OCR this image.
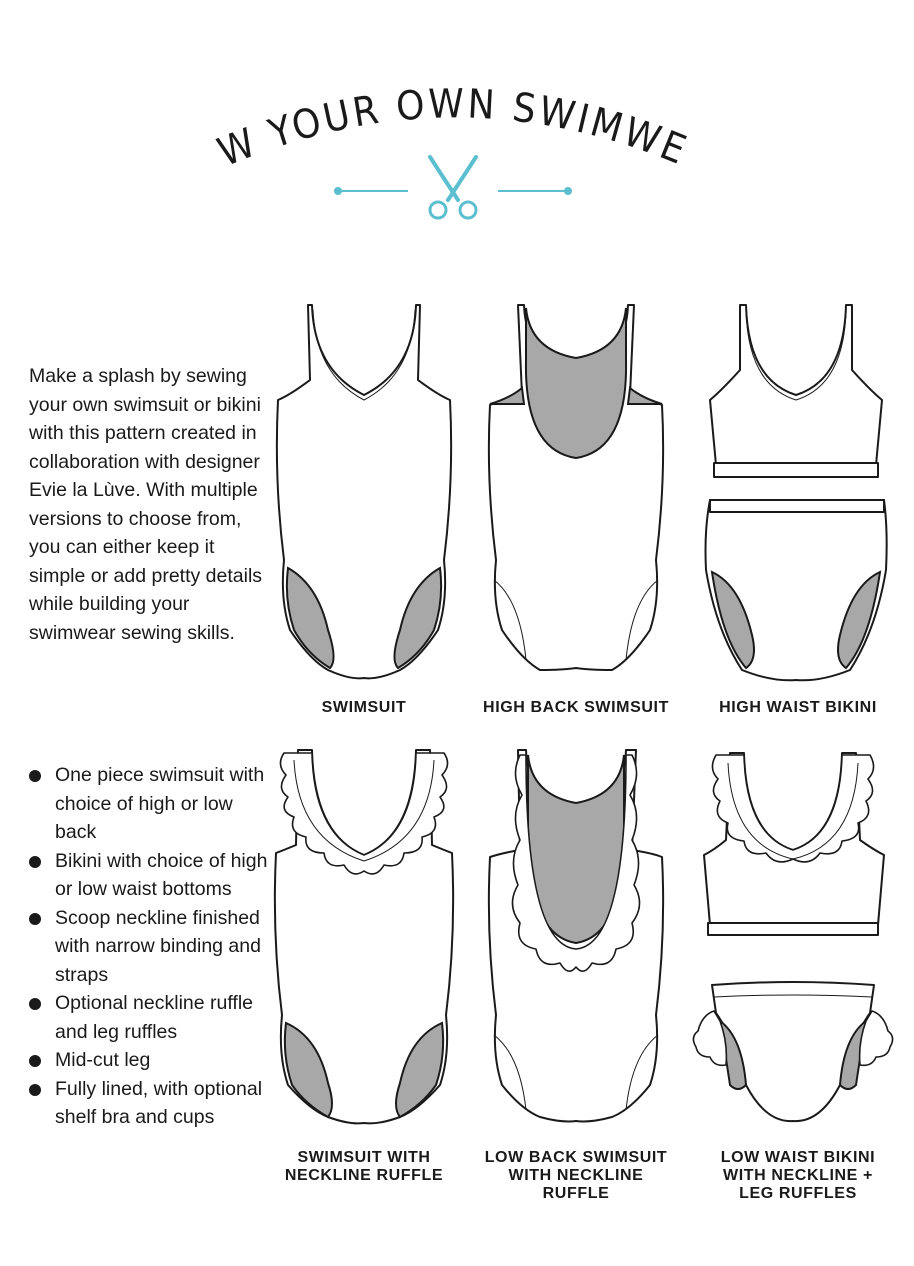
W YOUR OWN SWIMWE

Make a splash by sewing your own swimsuit or bikini with this pattern created in collaboration with designer Evie la Lùve. With multiple versions to choose from, you can either keep it simple or add pretty details while building your swimwear sewing skills.

One piece swimsuit with choice of high or low back
Bikini with choice of high or low waist bottoms
Scoop neckline finished with narrow binding and straps
Optional neckline ruffle and leg ruffles
Mid-cut leg
Fully lined, with optional shelf bra and cups
SWIMSUIT	HIGH BACK SWIMSUIT	HIGH WAIST BIKINI
SWIMSUIT WITH
NECKLINE RUFFLE
LOW BACK SWIMSUIT
WITH NECKLINE
RUFFLE
LOW WAIST BIKINI
WITH NECKLINE +
LEG RUFFLES
